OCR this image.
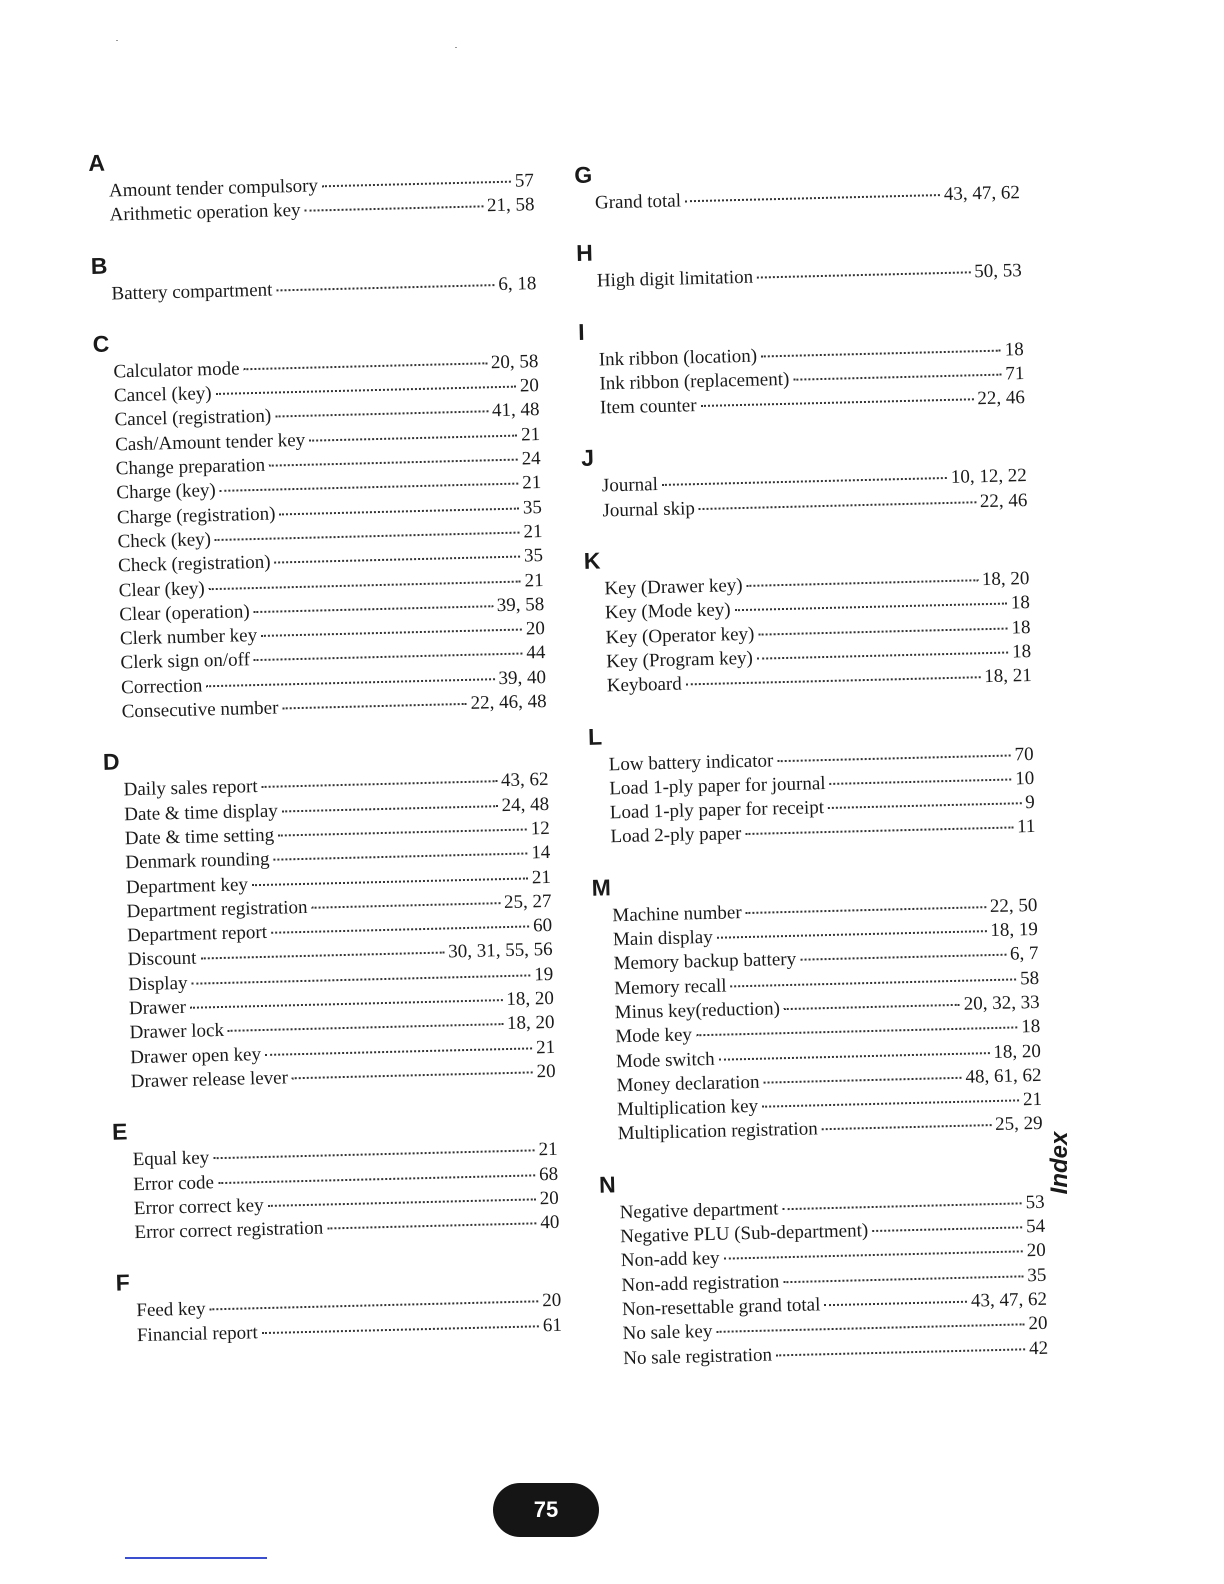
A
Amount tender compulsory	57
Arithmetic operation key	21, 58
B
Battery compartment	6, 18
C
Calculator mode	20, 58
Cancel (key)	20
Cancel (registration)	41, 48
Cash/Amount tender key	21
Change preparation	24
Charge (key)	21
Charge (registration)	35
Check (key)	21
Check (registration)	35
Clear (key)	21
Clear (operation)	39, 58
Clerk number key	20
Clerk sign on/off	44
Correction	39, 40
Consecutive number	22, 46, 48
D
Daily sales report	43, 62
Date & time display	24, 48
Date & time setting	12
Denmark rounding	14
Department key	21
Department registration	25, 27
Department report	60
Discount	30, 31, 55, 56
Display	19
Drawer	18, 20
Drawer lock	18, 20
Drawer open key	21
Drawer release lever	20
E
Equal key	21
Error code	68
Error correct key	20
Error correct registration	40
F
Feed key	20
Financial report	61
G
Grand total	43, 47, 62
H
High digit limitation	50, 53
I
Ink ribbon (location)	18
Ink ribbon (replacement)	71
Item counter	22, 46
J
Journal	10, 12, 22
Journal skip	22, 46
K
Key (Drawer key)	18, 20
Key (Mode key)	18
Key (Operator key)	18
Key (Program key)	18
Keyboard	18, 21
L
Low battery indicator	70
Load 1-ply paper for journal	10
Load 1-ply paper for receipt	9
Load 2-ply paper	11
M
Machine number	22, 50
Main display	18, 19
Memory backup battery	6, 7
Memory recall	58
Minus key(reduction)	20, 32, 33
Mode key	18
Mode switch	18, 20
Money declaration	48, 61, 62
Multiplication key	21
Multiplication registration	25, 29
N
Negative department	53
Negative PLU (Sub-department)	54
Non-add key	20
Non-add registration	35
Non-resettable grand total	43, 47, 62
No sale key	20
No sale registration	42
Index
75
